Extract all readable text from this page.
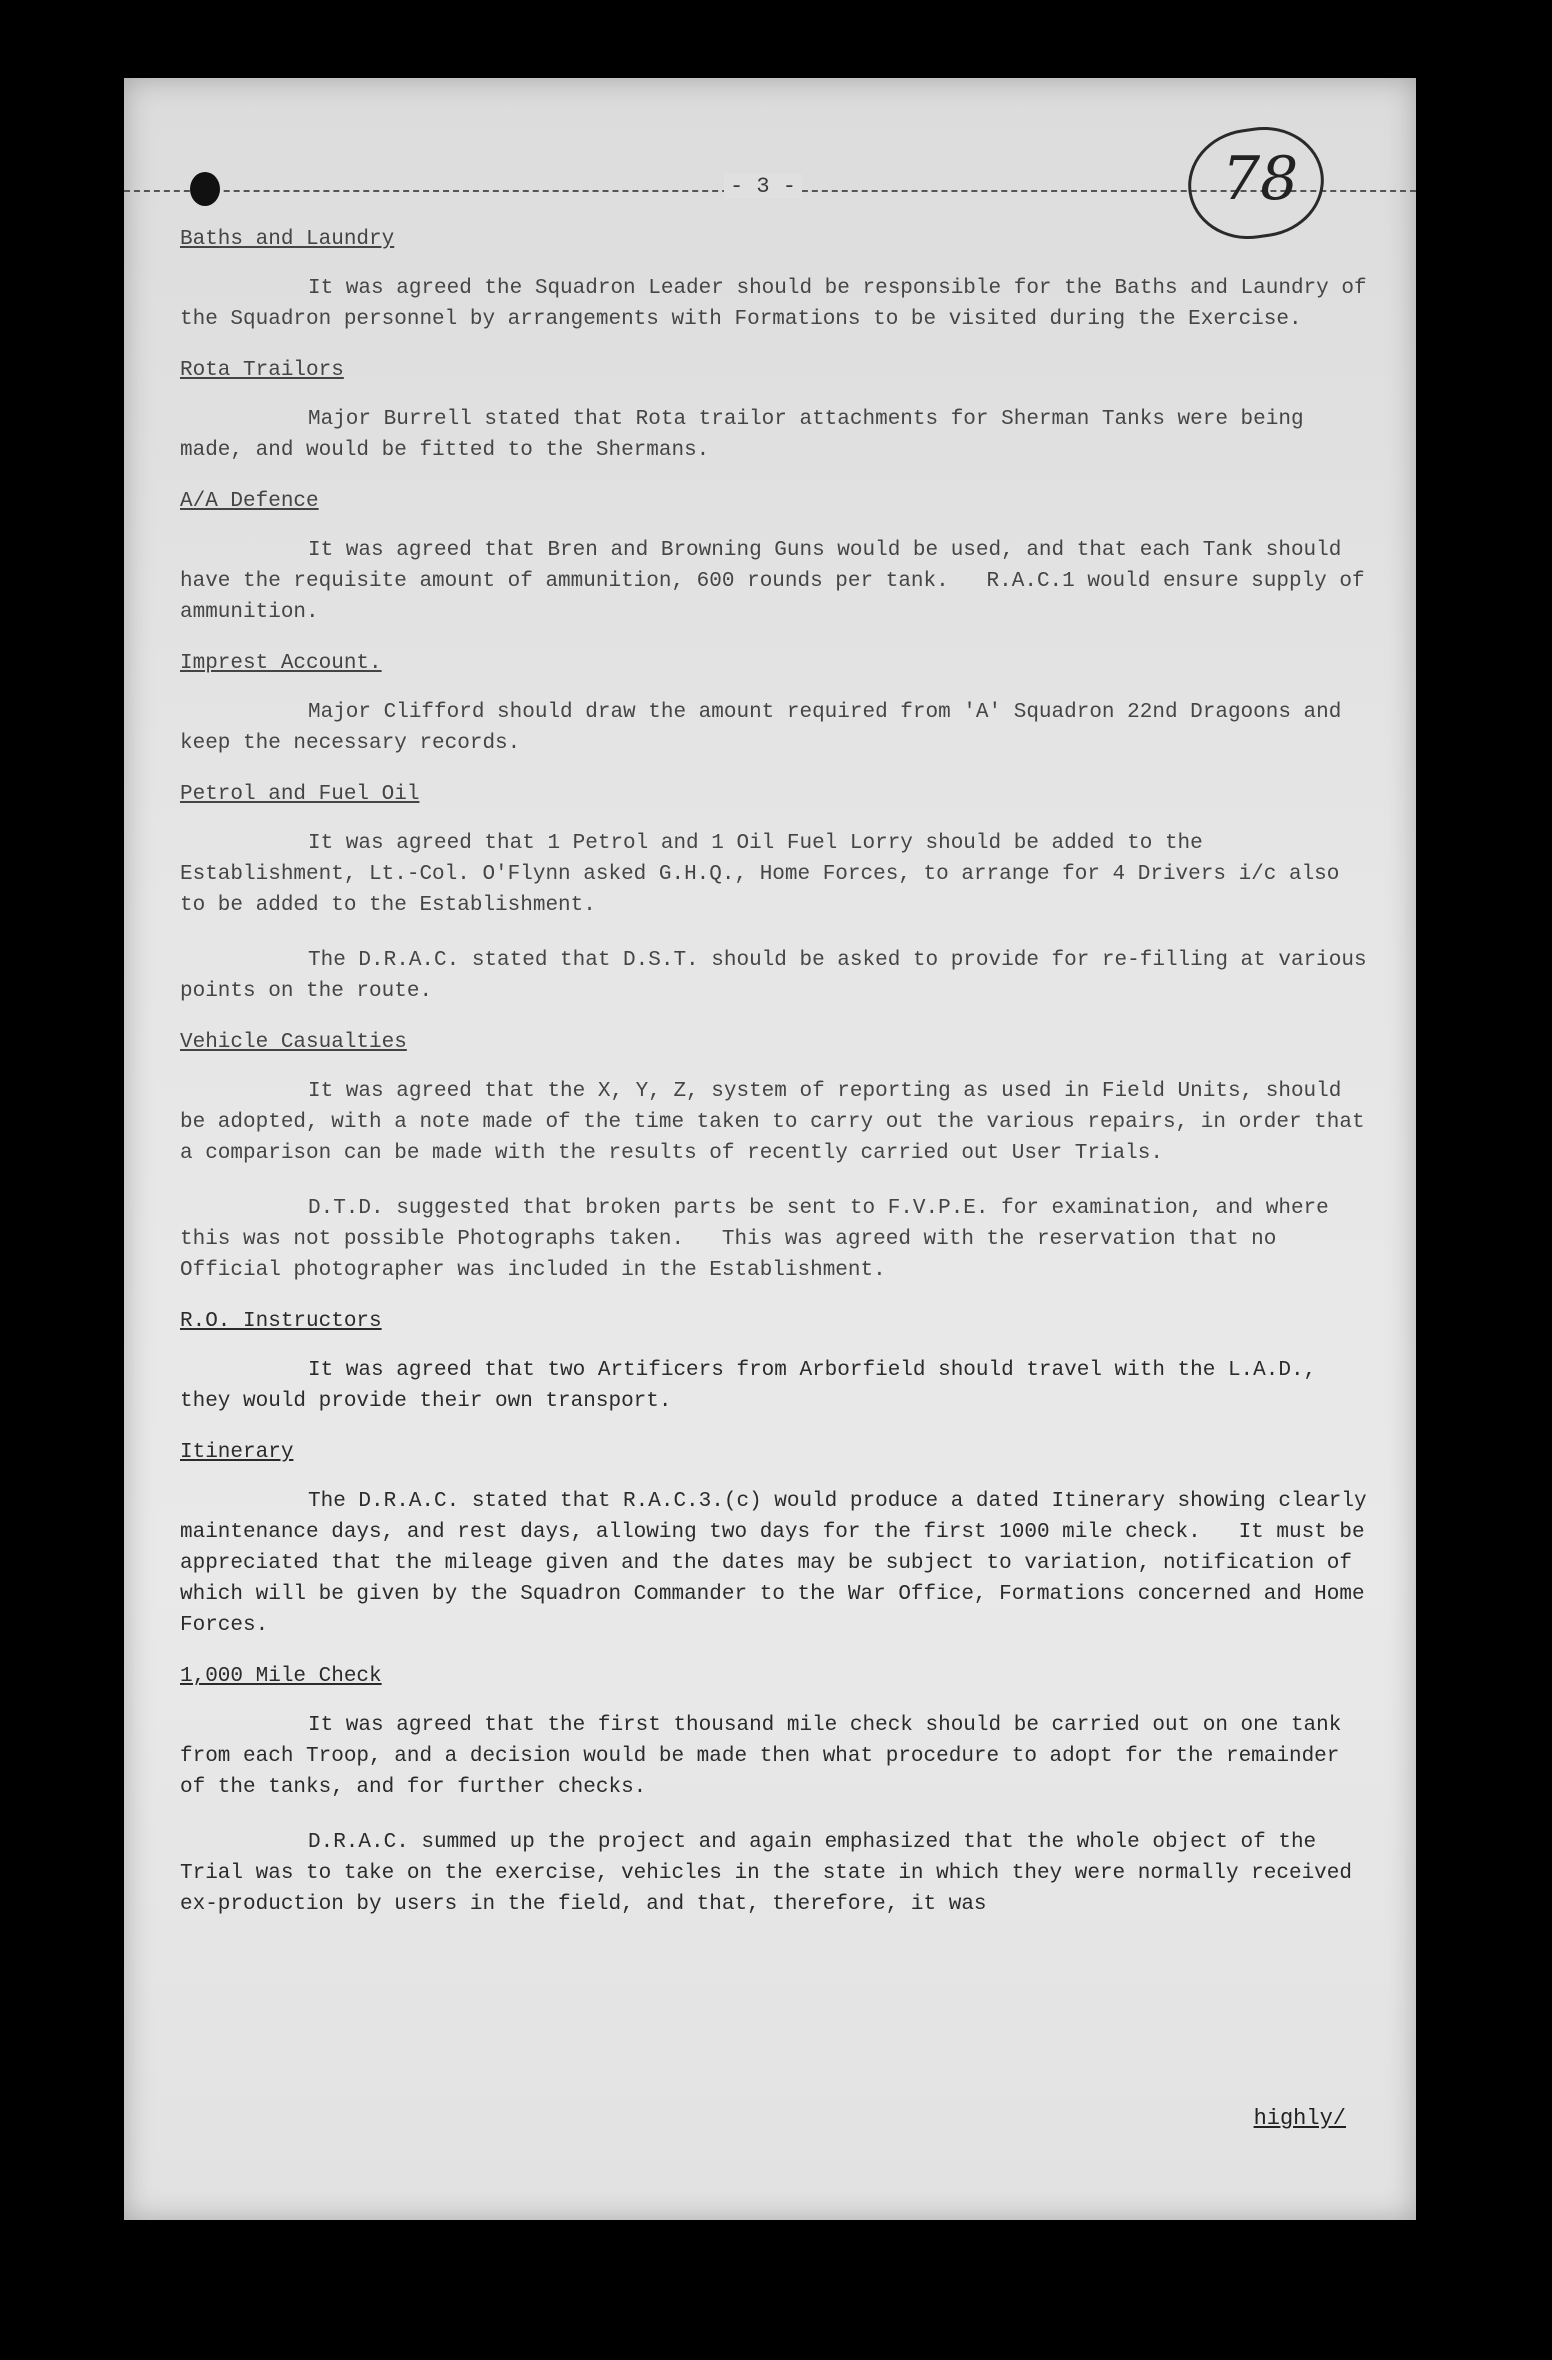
- 3 -	78
Baths and Laundry

It was agreed the Squadron Leader should be responsible for the Baths and Laundry of the Squadron personnel by arrangements with Formations to be visited during the Exercise.

Rota Trailors

Major Burrell stated that Rota trailor attachments for Sherman Tanks were being made, and would be fitted to the Shermans.

A/A Defence

It was agreed that Bren and Browning Guns would be used, and that each Tank should have the requisite amount of ammunition, 600 rounds per tank.   R.A.C.1 would ensure supply of ammunition.

Imprest Account.

Major Clifford should draw the amount required from 'A' Squadron 22nd Dragoons and keep the necessary records.

Petrol and Fuel Oil

It was agreed that 1 Petrol and 1 Oil Fuel Lorry should be added to the Establishment, Lt.-Col. O'Flynn asked G.H.Q., Home Forces, to arrange for 4 Drivers i/c also to be added to the Establishment.

The D.R.A.C. stated that D.S.T. should be asked to provide for re-filling at various points on the route.

Vehicle Casualties

It was agreed that the X, Y, Z, system of reporting as used in Field Units, should be adopted, with a note made of the time taken to carry out the various repairs, in order that a comparison can be made with the results of recently carried out User Trials.

D.T.D. suggested that broken parts be sent to F.V.P.E. for examination, and where this was not possible Photographs taken.   This was agreed with the reservation that no Official photographer was included in the Establishment.

R.O. Instructors

It was agreed that two Artificers from Arborfield should travel with the L.A.D., they would provide their own transport.

Itinerary

The D.R.A.C. stated that R.A.C.3.(c) would produce a dated Itinerary showing clearly maintenance days, and rest days, allowing two days for the first 1000 mile check.   It must be appreciated that the mileage given and the dates may be subject to variation, notification of which will be given by the Squadron Commander to the War Office, Formations concerned and Home Forces.

1,000 Mile Check

It was agreed that the first thousand mile check should be carried out on one tank from each Troop, and a decision would be made then what procedure to adopt for the remainder of the tanks, and for further checks.

D.R.A.C. summed up the project and again emphasized that the whole object of the Trial was to take on the exercise, vehicles in the state in which they were normally received ex-production by users in the field, and that, therefore, it was

highly/
